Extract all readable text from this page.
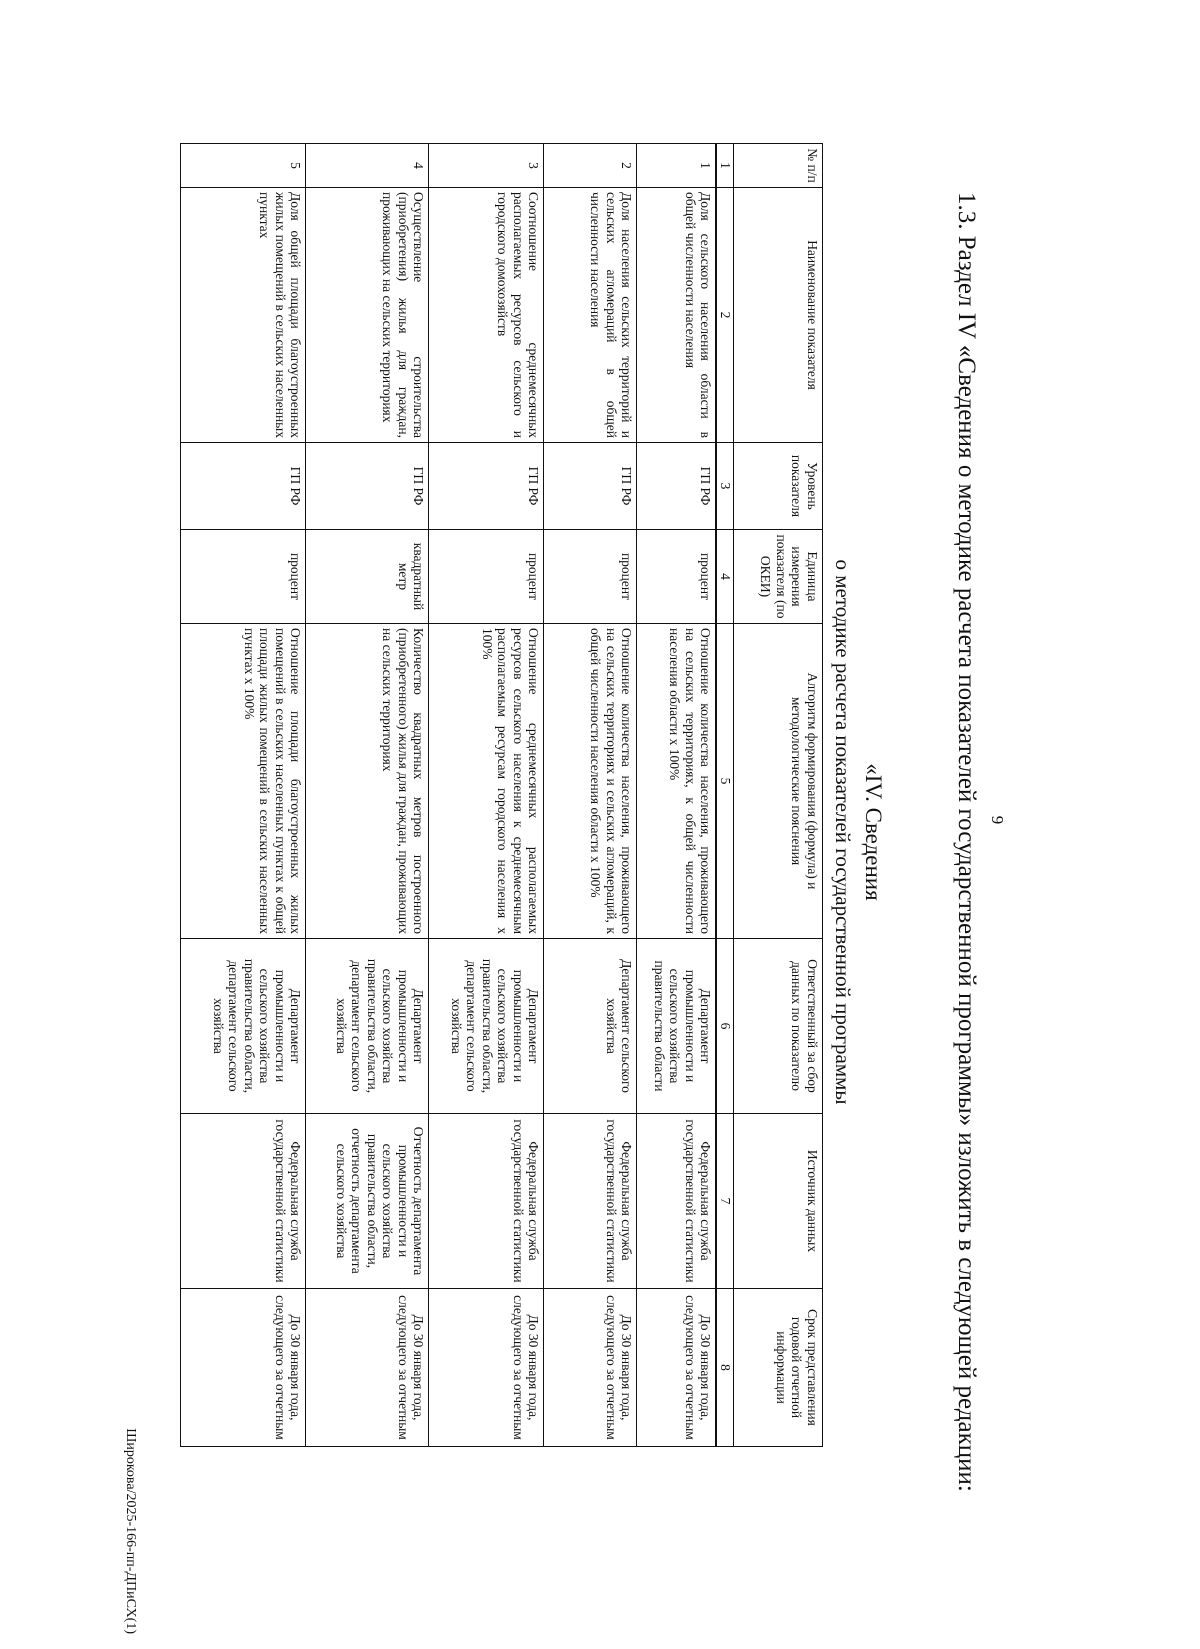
9

1.3. Раздел IV «Сведения о методике расчета показателей государственной программы» изложить в следующей редакции:

«IV. Сведения
о методике расчета показателей государственной программы
№ п/п	Наименование показателя	Уровень показателя	Единица измерения показателя (по ОКЕИ)	Алгоритм формирования (формула) и методологические пояснения	Ответственный за сбор данных по показателю	Источник данных	Срок представления годовой отчетной информации
1	2	3	4	5	6	7	8
1	Доля сельского населения области в общей численности населения	ГП РФ	процент	Отношение количества населения, проживающего на сельских территориях, к общей численности населения области х 100%	Департамент промышленности и сельского хозяйства правительства области	Федеральная служба государственной статистики	До 30 января года, следующего за отчетным
2	Доля населения сельских территорий и сельских агломераций в общей численности населения	ГП РФ	процент	Отношение количества населения, проживающего на сельских территориях и сельских агломераций, к общей численности населения области х 100%	Департамент сельского хозяйства	Федеральная служба государственной статистики	До 30 января года, следующего за отчетным
3	Соотношение среднемесячных располагаемых ресурсов сельского и городского домохозяйств	ГП РФ	процент	Отношение среднемесячных располагаемых ресурсов сельского населения к среднемесячным располагаемым ресурсам городского населения х 100%	Департамент промышленности и сельского хозяйства правительства области, департамент сельского хозяйства	Федеральная служба государственной статистики	До 30 января года, следующего за отчетным
4	Осуществление строительства (приобретения) жилья для граждан, проживающих на сельских территориях	ГП РФ	квадратный метр	Количество квадратных метров построенного (приобретенного) жилья для граждан, проживающих на сельских территориях	Департамент промышленности и сельского хозяйства правительства области, департамент сельского хозяйства	Отчетность департамента промышленности и сельского хозяйства правительства области, отчетность департамента сельского хозяйства	До 30 января года, следующего за отчетным
5	Доля общей площади благоустроенных жилых помещений в сельских населенных пунктах	ГП РФ	процент	Отношение площади благоустроенных жилых помещений в сельских населенных пунктах к общей площади жилых помещений в сельских населенных пунктах х 100%	Департамент промышленности и сельского хозяйства правительства области, департамент сельского хозяйства	Федеральная служба государственной статистики	До 30 января года, следующего за отчетным
Широкова/2025-166-пп-ДПиСХ(1)
